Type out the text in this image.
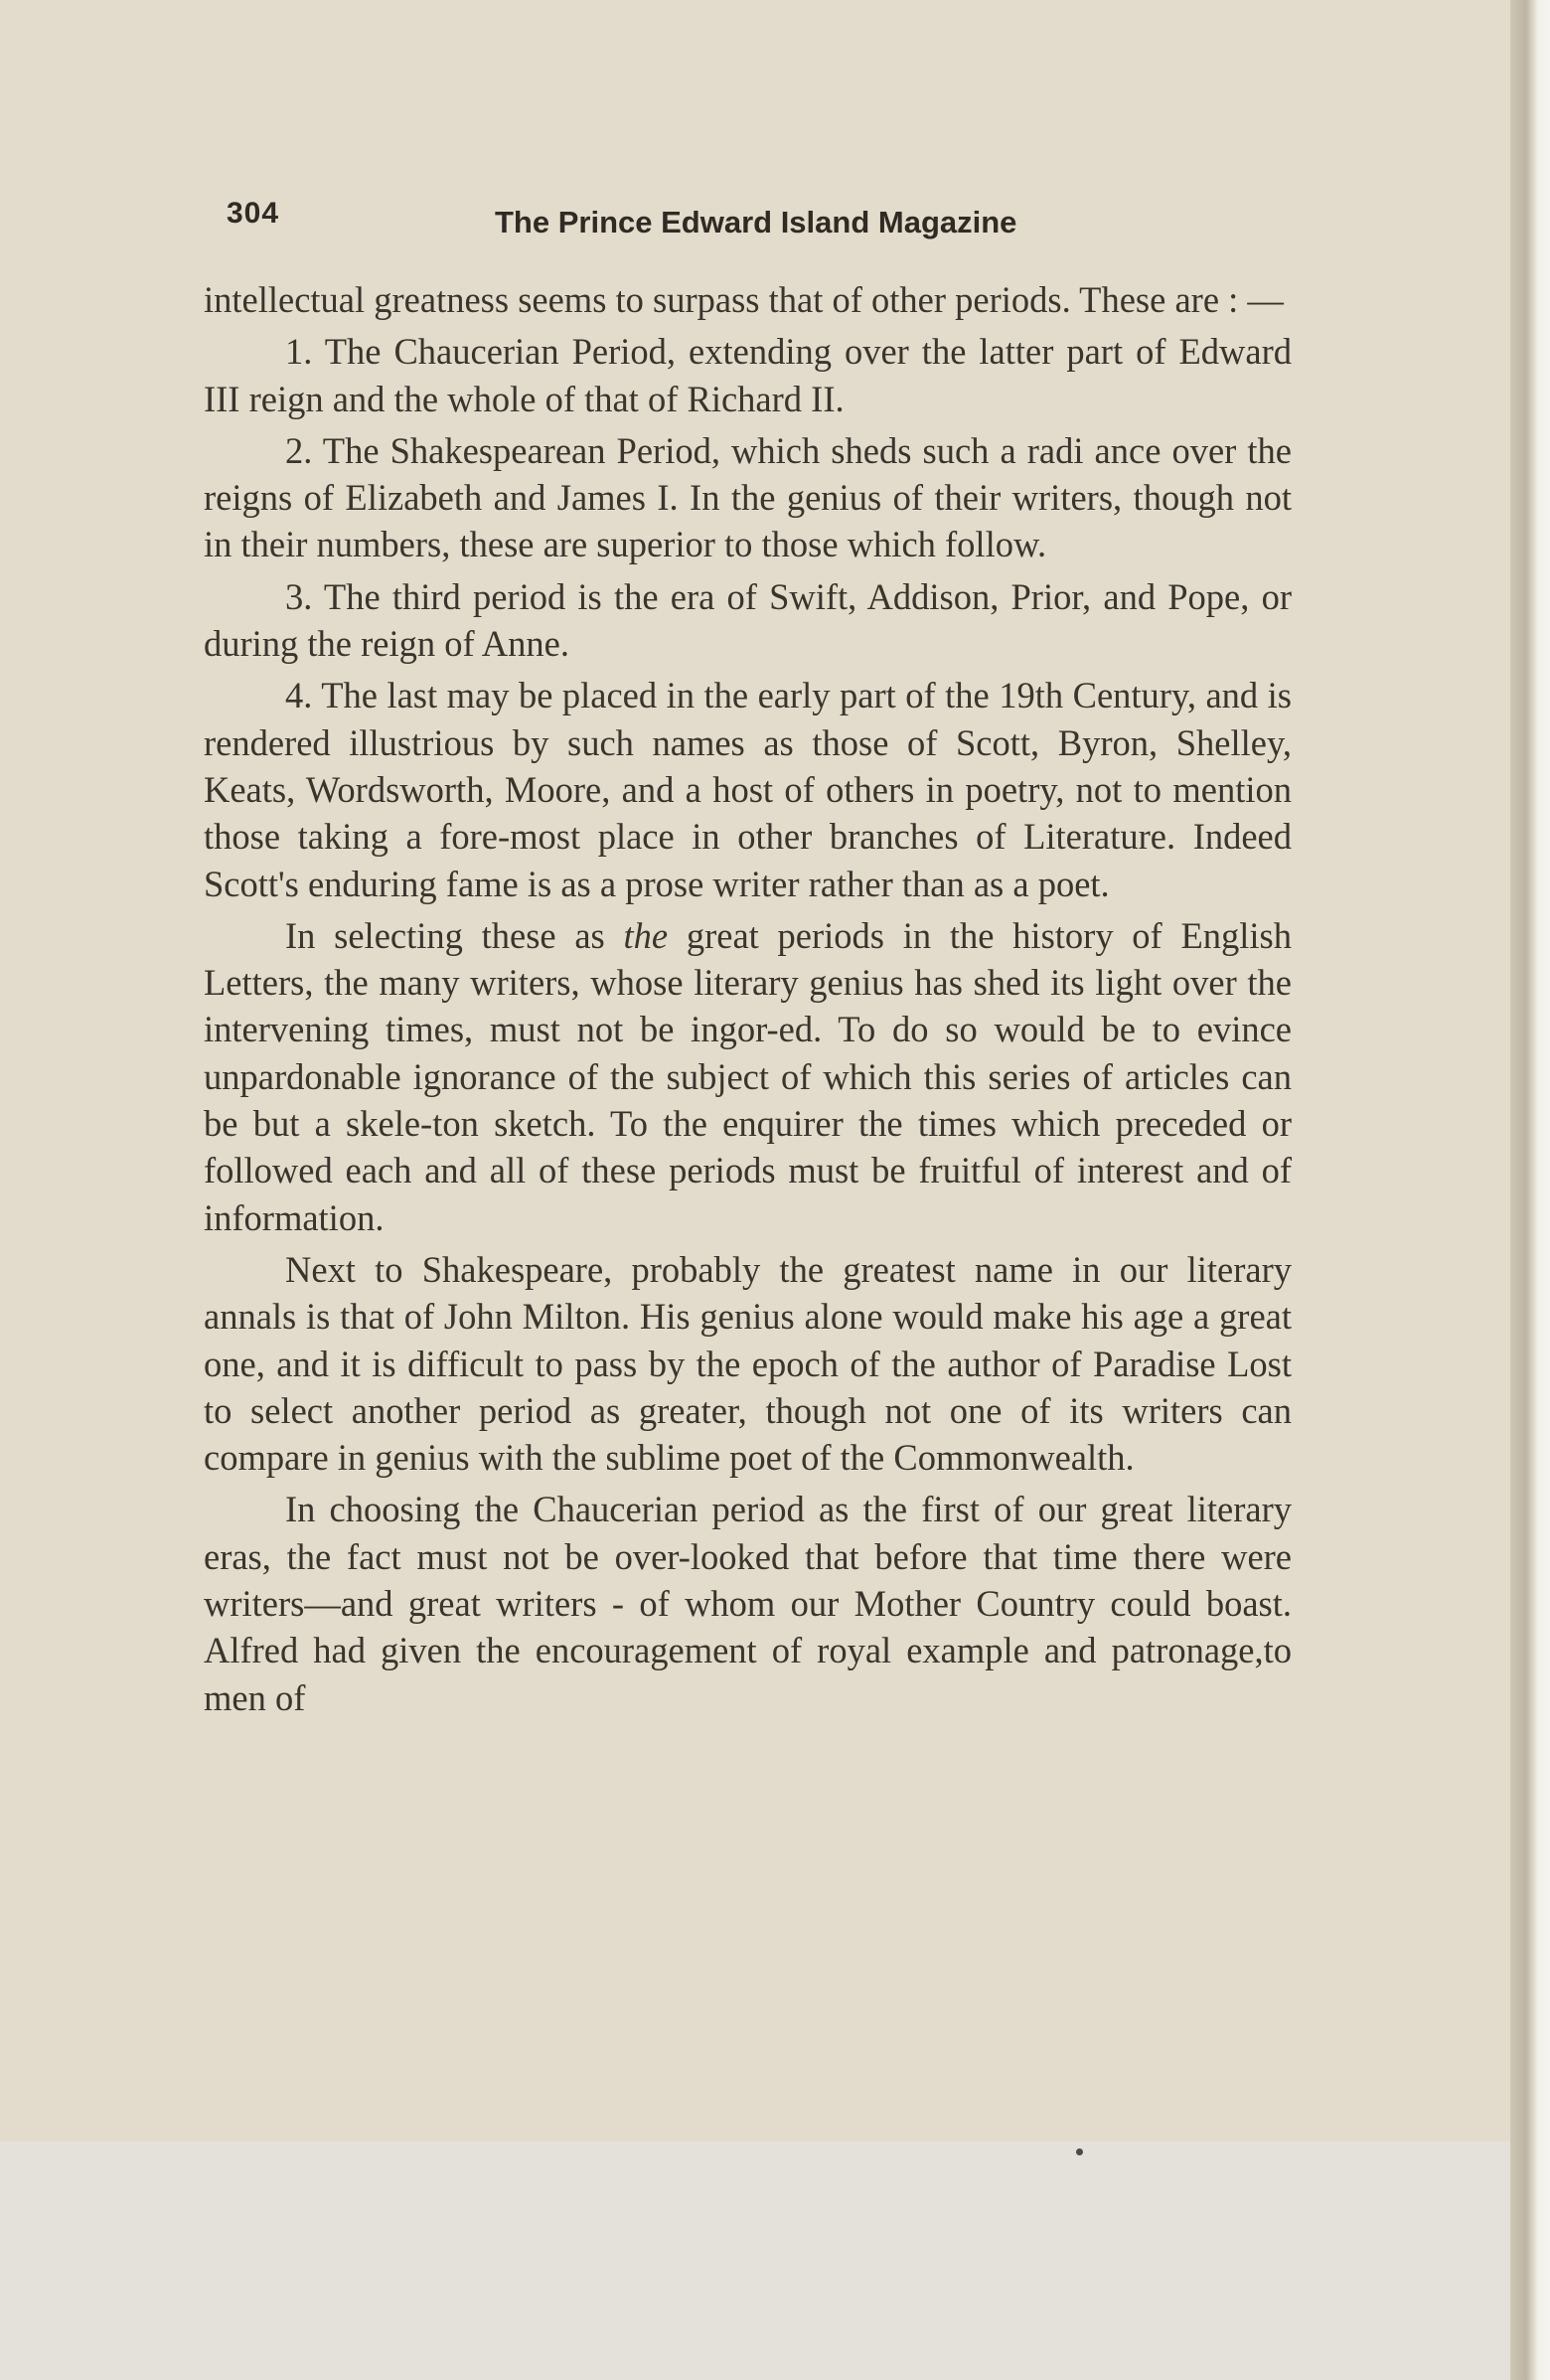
304	The Prince Edward Island Magazine

intellectual greatness seems to surpass that of other periods. These are : —

1. The Chaucerian Period, extending over the latter part of Edward III reign and the whole of that of Richard II.

2. The Shakespearean Period, which sheds such a radi ance over the reigns of Elizabeth and James I. In the genius of their writers, though not in their numbers, these are superior to those which follow.

3. The third period is the era of Swift, Addison, Prior, and Pope, or during the reign of Anne.

4. The last may be placed in the early part of the 19th Century, and is rendered illustrious by such names as those of Scott, Byron, Shelley, Keats, Wordsworth, Moore, and a host of others in poetry, not to mention those taking a fore-most place in other branches of Literature. Indeed Scott's enduring fame is as a prose writer rather than as a poet.

In selecting these as the great periods in the history of English Letters, the many writers, whose literary genius has shed its light over the intervening times, must not be ingor-ed. To do so would be to evince unpardonable ignorance of the subject of which this series of articles can be but a skele-ton sketch. To the enquirer the times which preceded or followed each and all of these periods must be fruitful of interest and of information.

Next to Shakespeare, probably the greatest name in our literary annals is that of John Milton. His genius alone would make his age a great one, and it is difficult to pass by the epoch of the author of Paradise Lost to select another period as greater, though not one of its writers can compare in genius with the sublime poet of the Commonwealth.

In choosing the Chaucerian period as the first of our great literary eras, the fact must not be over-looked that before that time there were writers—and great writers - of whom our Mother Country could boast. Alfred had given the encouragement of royal example and patronage,to men of
